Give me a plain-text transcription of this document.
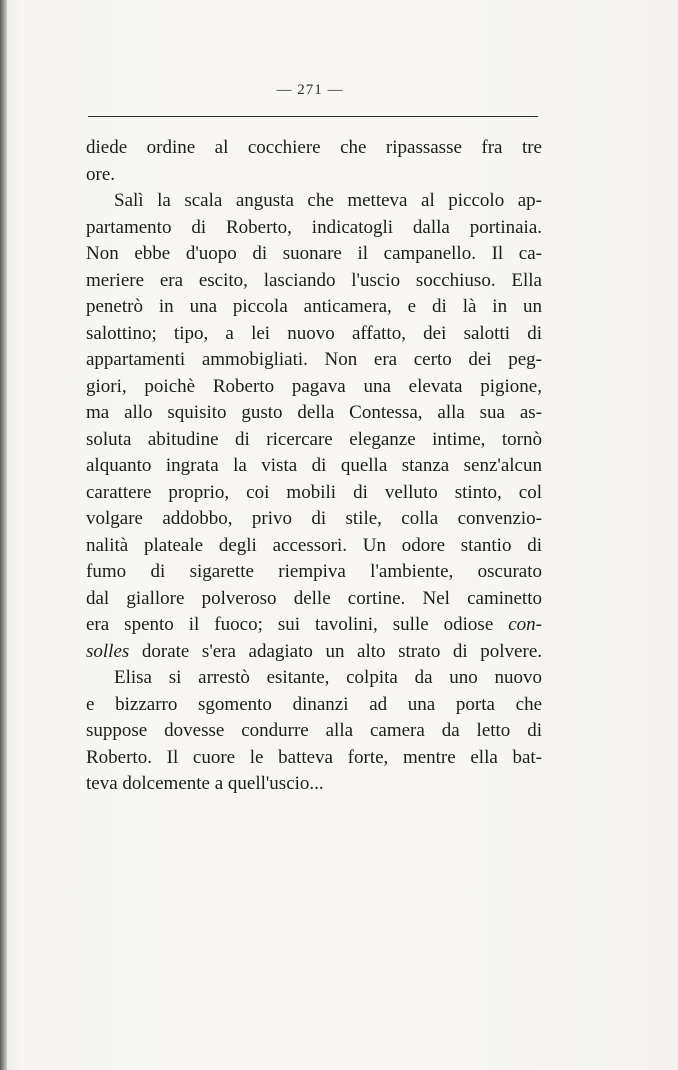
— 271 —
diede ordine al cocchiere che ripassasse fra tre
ore.
Salì la scala angusta che metteva al piccolo ap-
partamento di Roberto, indicatogli dalla portinaia.
Non ebbe d'uopo di suonare il campanello. Il ca-
meriere era escito, lasciando l'uscio socchiuso. Ella
penetrò in una piccola anticamera, e di là in un
salottino; tipo, a lei nuovo affatto, dei salotti di
appartamenti ammobigliati. Non era certo dei peg-
giori, poichè Roberto pagava una elevata pigione,
ma allo squisito gusto della Contessa, alla sua as-
soluta abitudine di ricercare eleganze intime, tornò
alquanto ingrata la vista di quella stanza senz'alcun
carattere proprio, coi mobili di velluto stinto, col
volgare addobbo, privo di stile, colla convenzio-
nalità plateale degli accessori. Un odore stantio di
fumo di sigarette riempiva l'ambiente, oscurato
dal giallore polveroso delle cortine. Nel caminetto
era spento il fuoco; sui tavolini, sulle odiose con-
solles dorate s'era adagiato un alto strato di polvere.
Elisa si arrestò esitante, colpita da uno nuovo
e bizzarro sgomento dinanzi ad una porta che
suppose dovesse condurre alla camera da letto di
Roberto. Il cuore le batteva forte, mentre ella bat-
teva dolcemente a quell'uscio...
